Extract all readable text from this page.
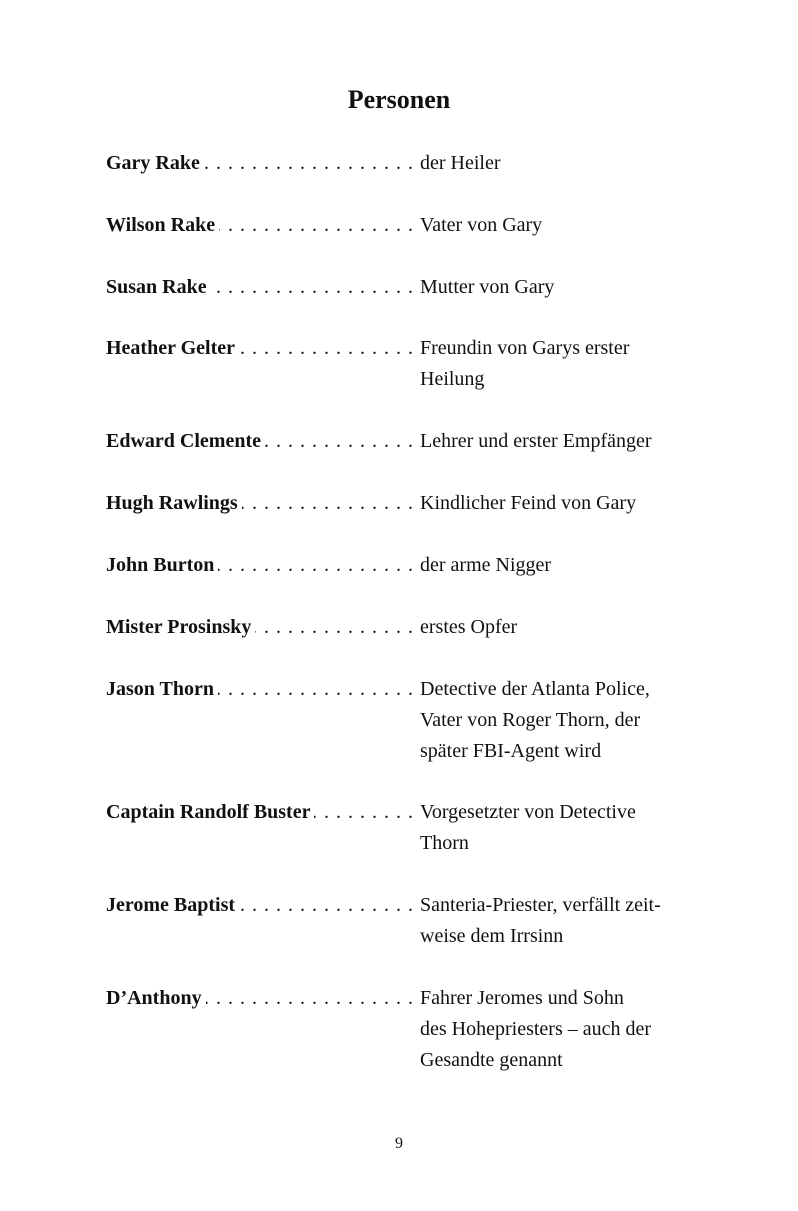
Personen
Gary Rake . . .	der Heiler
Wilson Rake . . .	Vater von Gary
Susan Rake . . .	Mutter von Gary
Heather Gelter . . .	Freundin von Garys erster
Heilung
Edward Clemente . . .	Lehrer und erster Empfänger
Hugh Rawlings . . .	Kindlicher Feind von Gary
John Burton . . .	der arme Nigger
Mister Prosinsky . . .	erstes Opfer
Jason Thorn . . .	Detective der Atlanta Police,
Vater von Roger Thorn, der
später FBI-Agent wird
Captain Randolf Buster . . .	Vorgesetzter von Detective
Thorn
Jerome Baptist . . .	Santeria-Priester, verfällt zeit-
weise dem Irrsinn
D’Anthony . . .	Fahrer Jeromes und Sohn
des Hohepriesters – auch der
Gesandte genannt
9
